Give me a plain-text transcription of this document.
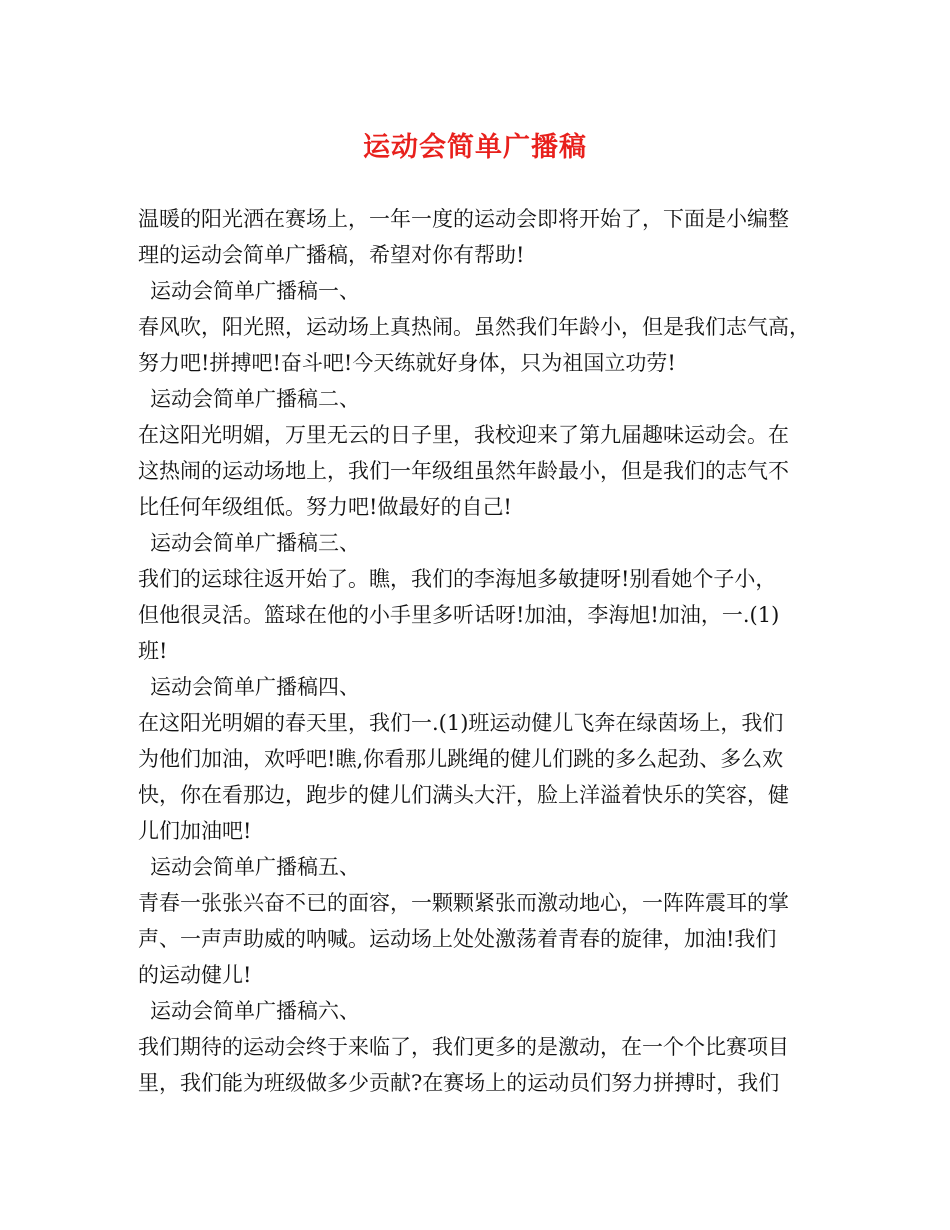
运动会简单广播稿
温暖的阳光洒在赛场上，一年一度的运动会即将开始了，下面是小编整
理的运动会简单广播稿，希望对你有帮助!
运动会简单广播稿一、
春风吹，阳光照，运动场上真热闹。虽然我们年龄小，但是我们志气高，
努力吧!拼搏吧!奋斗吧!今天练就好身体，只为祖国立功劳!
运动会简单广播稿二、
在这阳光明媚，万里无云的日子里，我校迎来了第九届趣味运动会。在
这热闹的运动场地上，我们一年级组虽然年龄最小，但是我们的志气不
比任何年级组低。努力吧!做最好的自己!
运动会简单广播稿三、
我们的运球往返开始了。瞧，我们的李海旭多敏捷呀!别看她个子小，
但他很灵活。篮球在他的小手里多听话呀!加油，李海旭!加油，一.(1)
班!
运动会简单广播稿四、
在这阳光明媚的春天里，我们一.(1)班运动健儿飞奔在绿茵场上，我们
为他们加油，欢呼吧!瞧,你看那儿跳绳的健儿们跳的多么起劲、多么欢
快，你在看那边，跑步的健儿们满头大汗，脸上洋溢着快乐的笑容，健
儿们加油吧!
运动会简单广播稿五、
青春一张张兴奋不已的面容，一颗颗紧张而激动地心，一阵阵震耳的掌
声、一声声助威的呐喊。运动场上处处激荡着青春的旋律，加油!我们
的运动健儿!
运动会简单广播稿六、
我们期待的运动会终于来临了，我们更多的是激动，在一个个比赛项目
里，我们能为班级做多少贡献?在赛场上的运动员们努力拼搏时，我们
